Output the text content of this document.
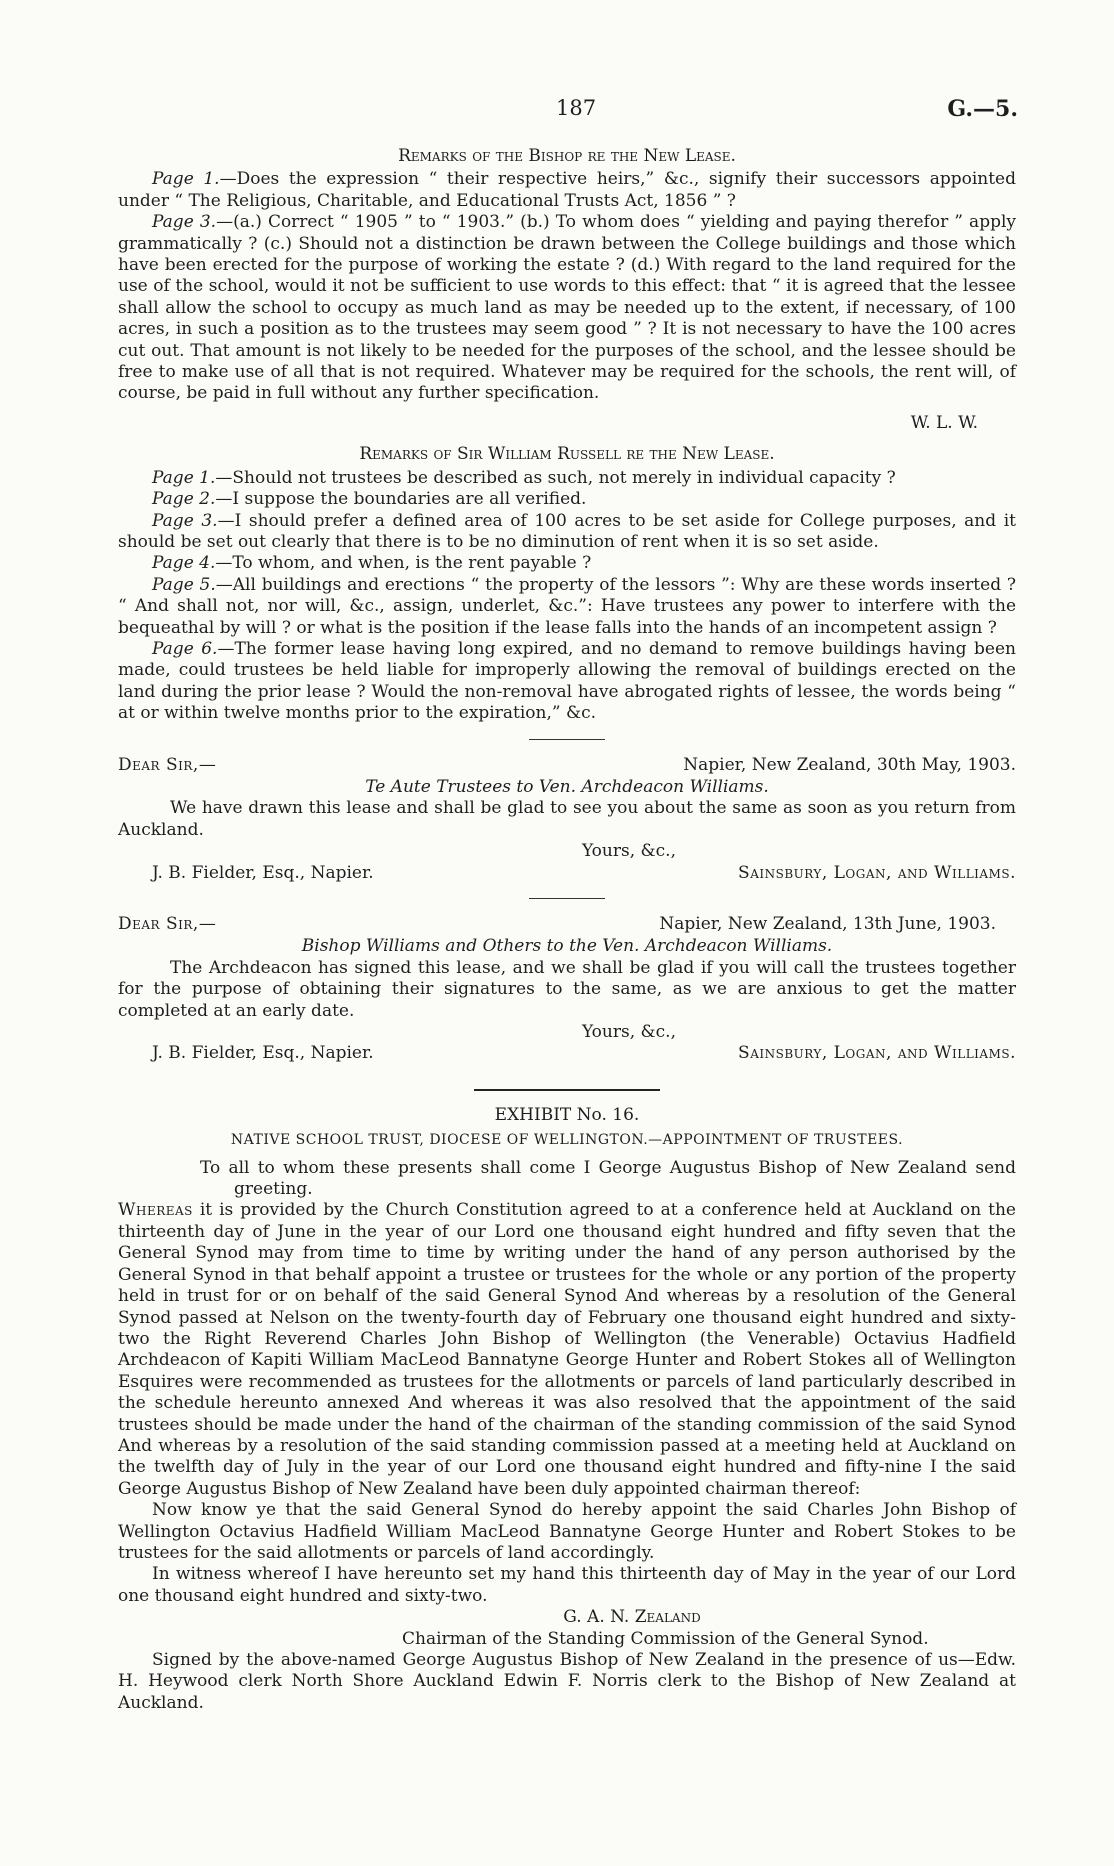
187	G.—5.

Remarks of the Bishop re the New Lease.

Page 1.—Does the expression “ their respective heirs,” &c., signify their successors appointed under “ The Religious, Charitable, and Educational Trusts Act, 1856 ” ?

Page 3.—(a.) Correct “ 1905 ” to “ 1903.” (b.) To whom does “ yielding and paying therefor ” apply grammatically ? (c.) Should not a distinction be drawn between the College buildings and those which have been erected for the purpose of working the estate ? (d.) With regard to the land required for the use of the school, would it not be sufficient to use words to this effect: that “ it is agreed that the lessee shall allow the school to occupy as much land as may be needed up to the extent, if necessary, of 100 acres, in such a position as to the trustees may seem good ” ? It is not necessary to have the 100 acres cut out. That amount is not likely to be needed for the purposes of the school, and the lessee should be free to make use of all that is not required. Whatever may be required for the schools, the rent will, of course, be paid in full without any further specification.

W. L. W.

Remarks of Sir William Russell re the New Lease.

Page 1.—Should not trustees be described as such, not merely in individual capacity ?

Page 2.—I suppose the boundaries are all verified.

Page 3.—I should prefer a defined area of 100 acres to be set aside for College purposes, and it should be set out clearly that there is to be no diminution of rent when it is so set aside.

Page 4.—To whom, and when, is the rent payable ?

Page 5.—All buildings and erections “ the property of the lessors ”: Why are these words inserted ? “ And shall not, nor will, &c., assign, underlet, &c.”: Have trustees any power to interfere with the bequeathal by will ? or what is the position if the lease falls into the hands of an incompetent assign ?

Page 6.—The former lease having long expired, and no demand to remove buildings having been made, could trustees be held liable for improperly allowing the removal of buildings erected on the land during the prior lease ? Would the non-removal have abrogated rights of lessee, the words being “ at or within twelve months prior to the expiration,” &c.

Dear Sir,—	Napier, New Zealand, 30th May, 1903.

Te Aute Trustees to Ven. Archdeacon Williams.

We have drawn this lease and shall be glad to see you about the same as soon as you return from Auckland.

Yours, &c.,

J. B. Fielder, Esq., Napier.	Sainsbury, Logan, and Williams.
Dear Sir,—	Napier, New Zealand, 13th June, 1903.

Bishop Williams and Others to the Ven. Archdeacon Williams.

The Archdeacon has signed this lease, and we shall be glad if you will call the trustees together for the purpose of obtaining their signatures to the same, as we are anxious to get the matter completed at an early date.

Yours, &c.,

J. B. Fielder, Esq., Napier.	Sainsbury, Logan, and Williams.

EXHIBIT No. 16.

NATIVE SCHOOL TRUST, DIOCESE OF WELLINGTON.—APPOINTMENT OF TRUSTEES.

To all to whom these presents shall come I George Augustus Bishop of New Zealand send greeting.

Whereas it is provided by the Church Constitution agreed to at a conference held at Auckland on the thirteenth day of June in the year of our Lord one thousand eight hundred and fifty seven that the General Synod may from time to time by writing under the hand of any person authorised by the General Synod in that behalf appoint a trustee or trustees for the whole or any portion of the property held in trust for or on behalf of the said General Synod And whereas by a resolution of the General Synod passed at Nelson on the twenty-fourth day of February one thousand eight hundred and sixty-two the Right Reverend Charles John Bishop of Wellington (the Venerable) Octavius Hadfield Archdeacon of Kapiti William MacLeod Bannatyne George Hunter and Robert Stokes all of Wellington Esquires were recommended as trustees for the allotments or parcels of land particularly described in the schedule hereunto annexed And whereas it was also resolved that the appointment of the said trustees should be made under the hand of the chairman of the standing commission of the said Synod And whereas by a resolution of the said standing commission passed at a meeting held at Auckland on the twelfth day of July in the year of our Lord one thousand eight hundred and fifty-nine I the said George Augustus Bishop of New Zealand have been duly appointed chairman thereof:

Now know ye that the said General Synod do hereby appoint the said Charles John Bishop of Wellington Octavius Hadfield William MacLeod Bannatyne George Hunter and Robert Stokes to be trustees for the said allotments or parcels of land accordingly.

In witness whereof I have hereunto set my hand this thirteenth day of May in the year of our Lord one thousand eight hundred and sixty-two.

G. A. N. Zealand

Chairman of the Standing Commission of the General Synod.

Signed by the above-named George Augustus Bishop of New Zealand in the presence of us—Edw. H. Heywood clerk North Shore Auckland Edwin F. Norris clerk to the Bishop of New Zealand at Auckland.
